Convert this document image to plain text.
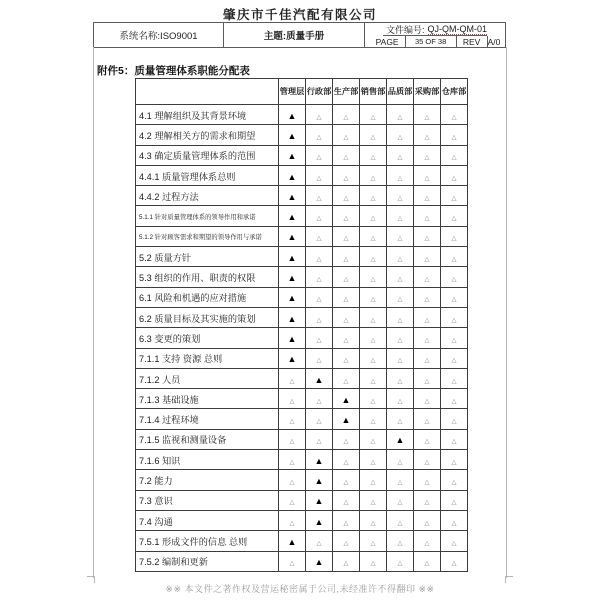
肇庆市千佳汽配有限公司
系统名称:ISO9001	主题: 质量手册
文件编号: QJ-QM-QM-01
PAGE	35 OF 38	REV A/0
附件5：质量管理体系职能分配表
	管理层	行政部	生产部	销售部	品质部	采购部	仓库部
4.1 理解组织及其背景环境	▲	△	△	△	△	△	△
4.2 理解相关方的需求和期望	▲	△	△	△	△	△	△
4.3 确定质量管理体系的范围	▲	△	△	△	△	△	△
4.4.1 质量管理体系总则	▲	△	△	△	△	△	△
4.4.2 过程方法	▲	△	△	△	△	△	△
5.1.1 针对质量管理体系的领导作用和承诺	▲	△	△	△	△	△	△
5.1.2 针对顾客需求和期望的领导作用与承诺	▲	△	△	△	△	△	△
5.2 质量方针	▲	△	△	△	△	△	△
5.3 组织的作用、职责的权限	▲	△	△	△	△	△	△
6.1 风险和机遇的应对措施	▲	△	△	△	△	△	△
6.2 质量目标及其实施的策划	▲	△	△	△	△	△	△
6.3 变更的策划	▲	△	△	△	△	△	△
7.1.1 支持 资源 总则	▲	△	△	△	△	△	△
7.1.2 人员	△	▲	△	△	△	△	△
7.1.3 基础设施	△	△	▲	△	△	△	△
7.1.4 过程环境	△	△	▲	△	△	△	△
7.1.5 监视和测量设备	△	△	△	△	▲	△	△
7.1.6 知识	△	▲	△	△	△	△	△
7.2 能力	△	▲	△	△	△	△	△
7.3 意识	△	▲	△	△	△	△	△
7.4 沟通	△	▲	△	△	△	△	△
7.5.1 形成文件的信息 总则	▲	△	△	△	△	△	△
7.5.2 编制和更新	△	▲	△	△	△	△	△
※※ 本文件之著作权及营运秘密属于公司,未经准许不得翻印 ※※
